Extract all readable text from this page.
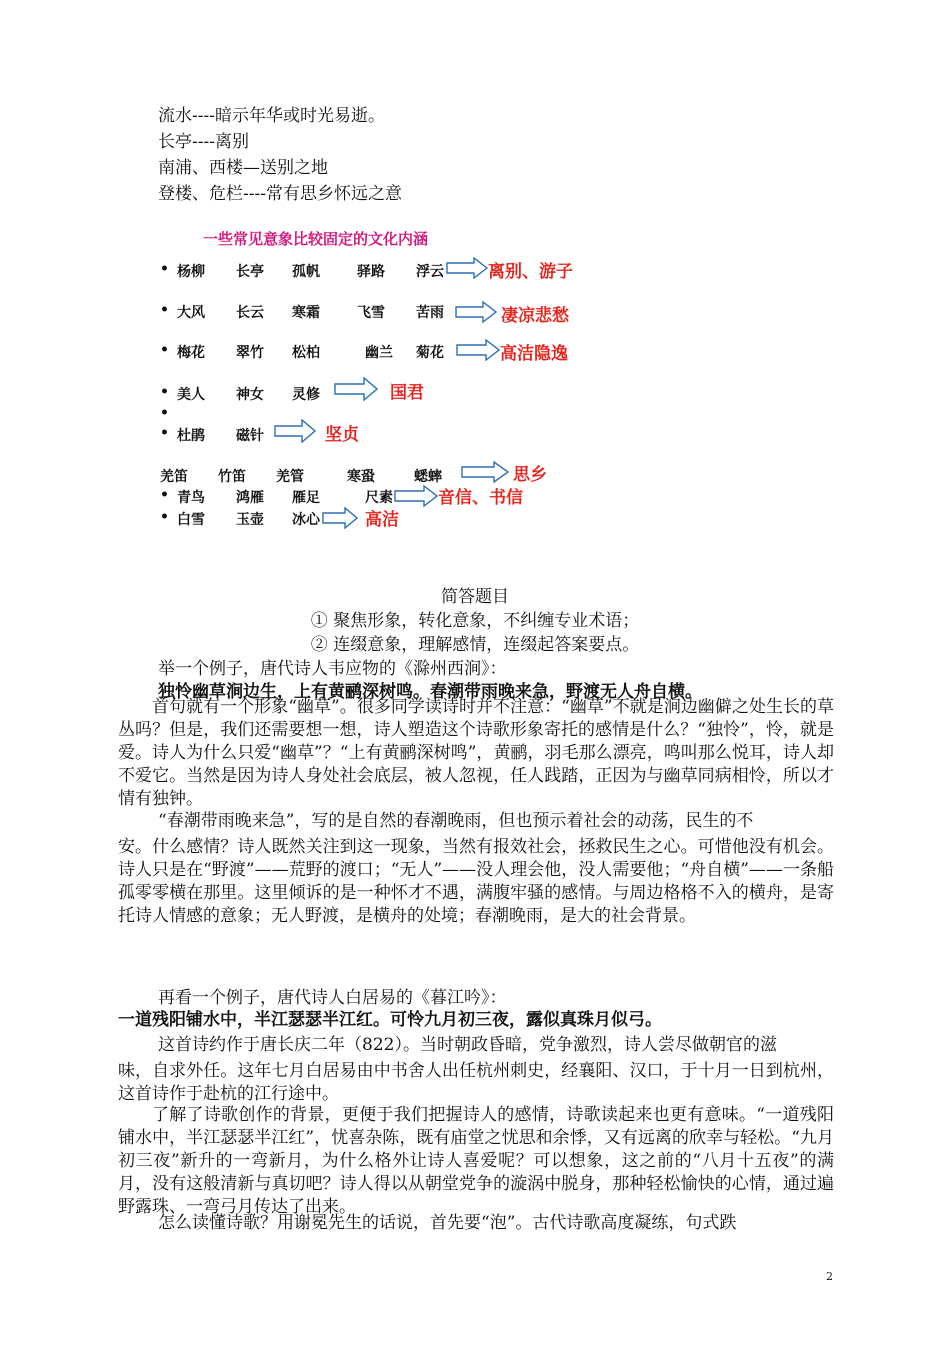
流水----暗示年华或时光易逝。
长亭----离别
南浦、西楼—送别之地
登楼、危栏----常有思乡怀远之意
一些常见意象比较固定的文化内涵
• 杨柳 长亭 孤帆	驿路 浮云	离别、游子
• 大风 长云 寒霜	飞雪 苦雨	凄凉悲愁
• 梅花 翠竹 松柏	幽兰 菊花	高洁隐逸
• 美人 神女 灵修	国君
•
• 杜鹃 磁针	坚贞
羌笛 竹笛 羌管	寒蛩	蟋蟀	思乡
• 青鸟 鸿雁 雁足	尺素	音信、书信
• 白雪 玉壶 冰心	高洁
简答题目
① 聚焦形象，转化意象，不纠缠专业术语；
② 连缀意象，理解感情，连缀起答案要点。
举一个例子，唐代诗人韦应物的《滁州西涧》：
独怜幽草涧边生，上有黄鹂深树鸣。春潮带雨晚来急，野渡无人舟自横。
首句就有一个形象“幽草”。很多同学读诗时并不注意：“幽草”不就是涧边幽僻之处生长的草丛吗？但是，我们还需要想一想，诗人塑造这个诗歌形象寄托的感情是什么？“独怜”，怜，就是爱。诗人为什么只爱“幽草”？“上有黄鹂深树鸣”，黄鹂，羽毛那么漂亮，鸣叫那么悦耳，诗人却不爱它。当然是因为诗人身处社会底层，被人忽视，任人践踏，正因为与幽草同病相怜，所以才情有独钟。
“春潮带雨晚来急”，写的是自然的春潮晚雨，但也预示着社会的动荡，民生的不
安。什么感情？诗人既然关注到这一现象，当然有报效社会，拯救民生之心。可惜他没有机会。诗人只是在“野渡”——荒野的渡口；“无人”——没人理会他，没人需要他；“舟自横”——一条船孤零零横在那里。这里倾诉的是一种怀才不遇，满腹牢骚的感情。与周边格格不入的横舟，是寄托诗人情感的意象；无人野渡，是横舟的处境；春潮晚雨，是大的社会背景。
再看一个例子，唐代诗人白居易的《暮江吟》：
一道残阳铺水中，半江瑟瑟半江红。可怜九月初三夜，露似真珠月似弓。
这首诗约作于唐长庆二年（822）。当时朝政昏暗，党争激烈，诗人尝尽做朝官的滋
味，自求外任。这年七月白居易由中书舍人出任杭州刺史，经襄阳、汉口，于十月一日到杭州，这首诗作于赴杭的江行途中。
了解了诗歌创作的背景，更便于我们把握诗人的感情，诗歌读起来也更有意味。“一道残阳铺水中，半江瑟瑟半江红”，忧喜杂陈，既有庙堂之忧思和余悸，又有远离的欣幸与轻松。“九月初三夜”新升的一弯新月，为什么格外让诗人喜爱呢？可以想象，这之前的“八月十五夜”的满月，没有这般清新与真切吧？诗人得以从朝堂党争的漩涡中脱身，那种轻松愉快的心情，通过遍野露珠、一弯弓月传达了出来。
怎么读懂诗歌？用谢冕先生的话说，首先要“泡”。古代诗歌高度凝练，句式跌
2
